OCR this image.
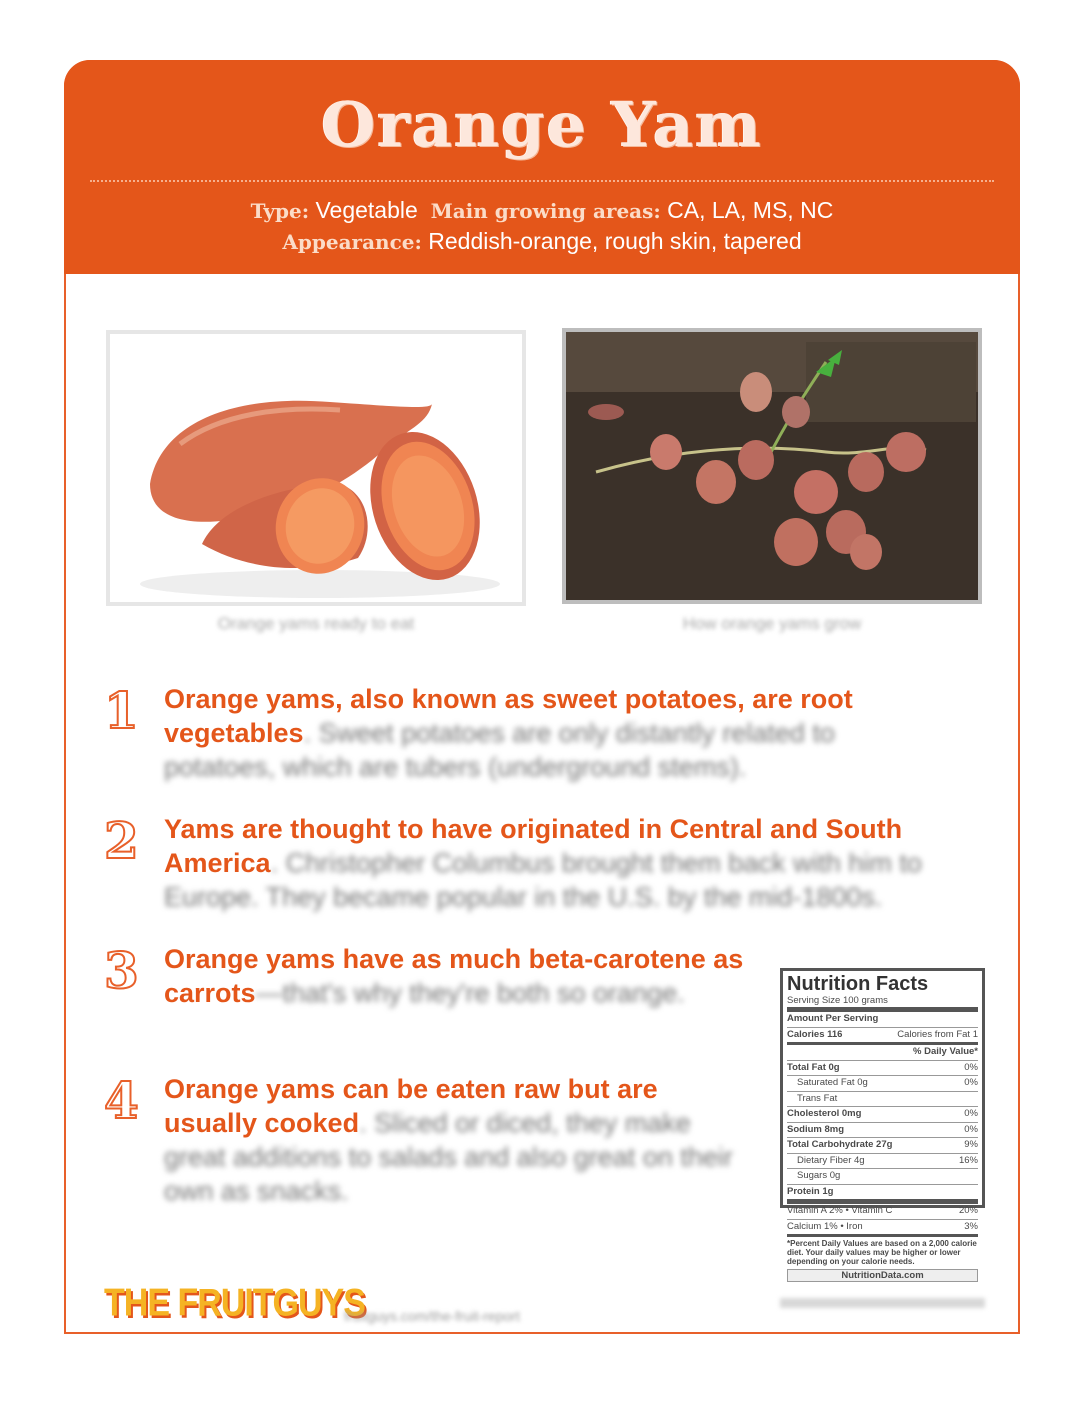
Orange Yam
Type: Vegetable Main growing areas: CA, LA, MS, NC
Appearance: Reddish-orange, rough skin, tapered
Orange yams ready to eat	How orange yams grow
1 Orange yams, also known as sweet potatoes, are root vegetables. Sweet potatoes are only distantly related to potatoes, which are tubers (underground stems).
2 Yams are thought to have originated in Central and South America. Christopher Columbus brought them back with him to Europe. They became popular in the U.S. by the mid-1800s.
3 Orange yams have as much beta-carotene as carrots—that's why they're both so orange.
4 Orange yams can be eaten raw but are usually cooked. Sliced or diced, they make great additions to salads and also great on their own as snacks.
Nutrition Facts
Serving Size 100 grams
Amount Per Serving
Calories 116	Calories from Fat 1
% Daily Value*
Total Fat 0g	0%
Saturated Fat 0g	0%
Trans Fat
Cholesterol 0mg	0%
Sodium 8mg	0%
Total Carbohydrate 27g	9%
Dietary Fiber 4g	16%
Sugars 0g
Protein 1g
Vitamin A 2% • Vitamin C	20%
Calcium 1% • Iron	3%
*Percent Daily Values are based on a 2,000 calorie diet. Your daily values may be higher or lower depending on your calorie needs.
NutritionData.com
THE FRUITGUYS
fruitguys.com/the-fruit-report
